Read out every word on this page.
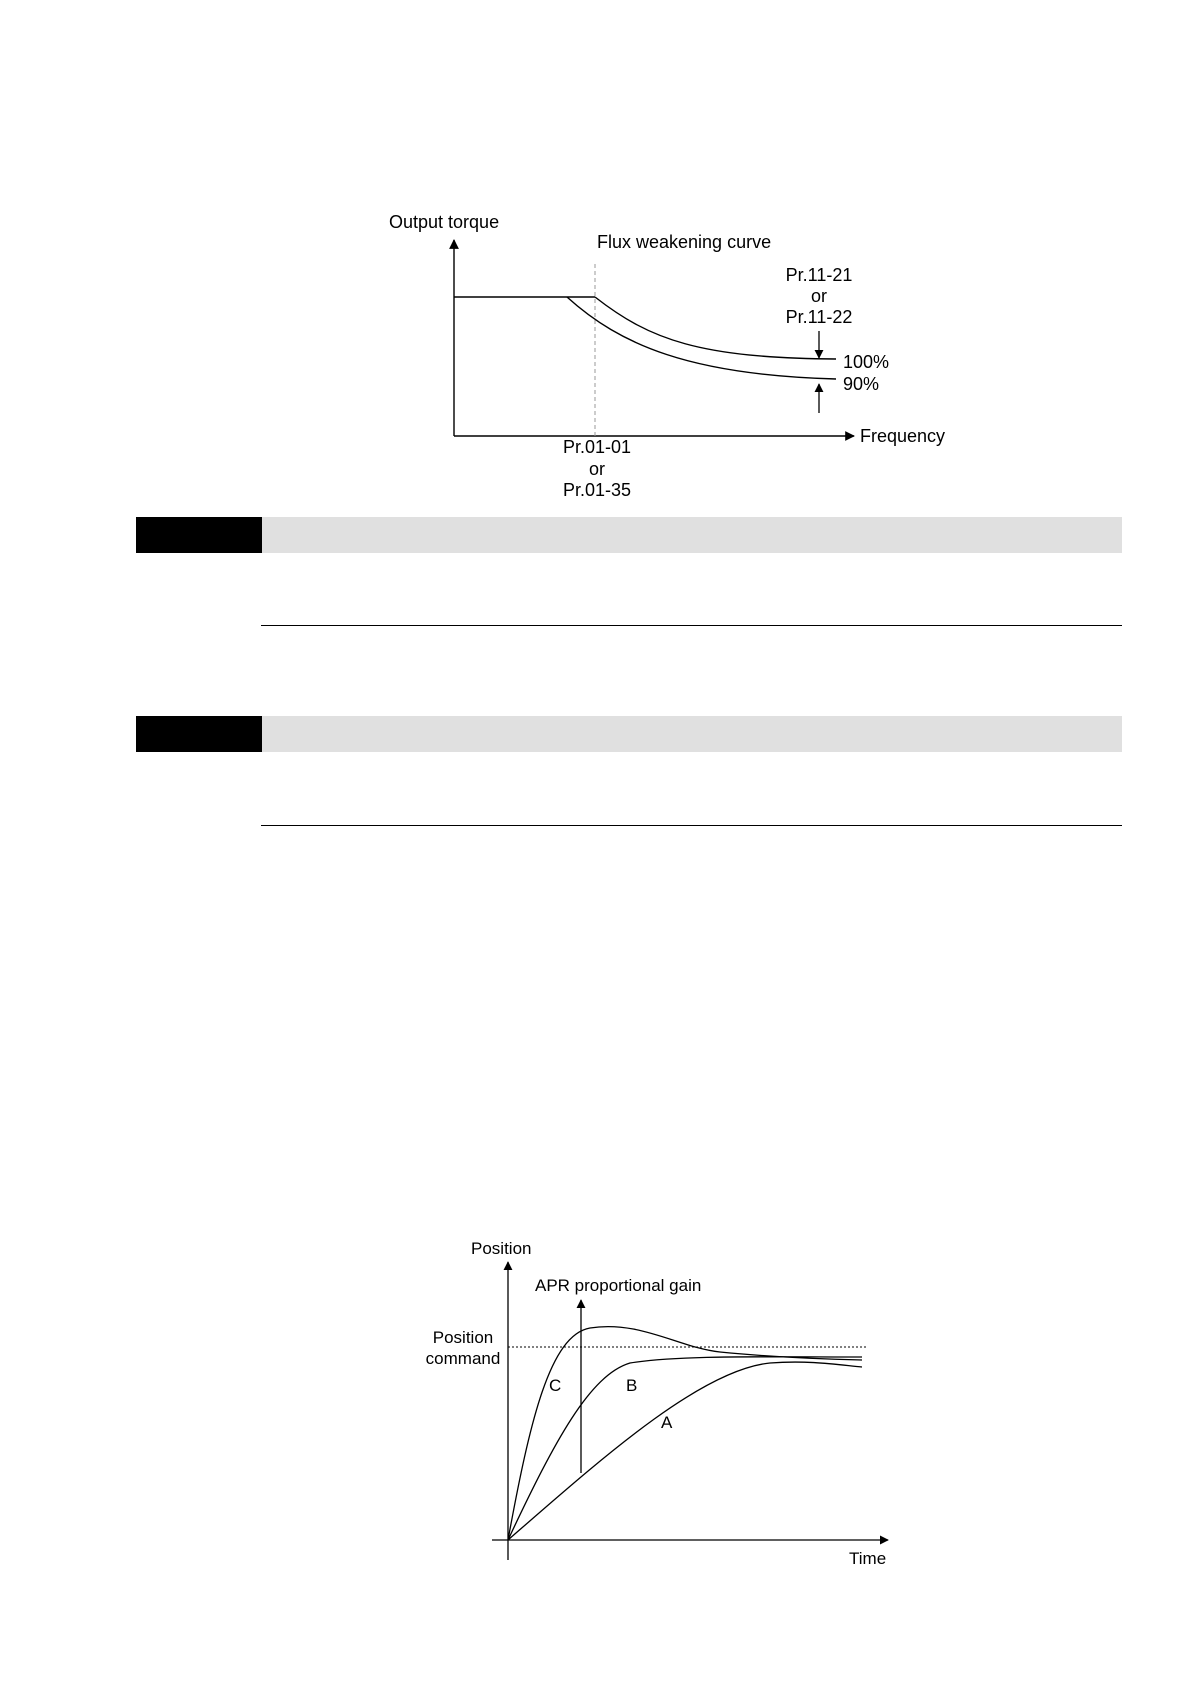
Output torque
Flux weakening curve
Pr.11-21
or
Pr.11-22
100%
90%
Frequency
Pr.01-01
or
Pr.01-35
Position
APR proportional gain
Position
command
C	B
A
Time
